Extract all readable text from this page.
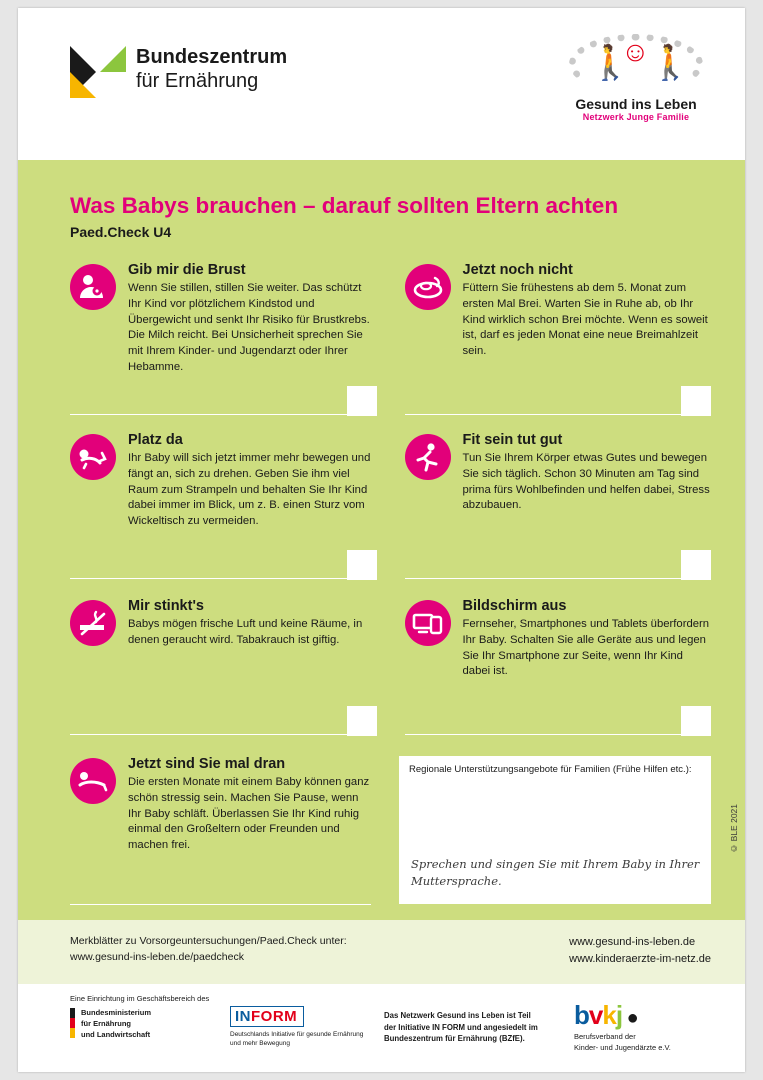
Bundeszentrum
für Ernährung	🚶
☺ 🚶
Gesund ins Leben
Netzwerk Junge Familie
Was Babys brauchen – darauf sollten Eltern achten
Paed.Check U4
Gib mir die Brust

Wenn Sie stillen, stillen Sie weiter. Das schützt Ihr Kind vor plötzlichem Kindstod und Übergewicht und senkt Ihr Risiko für Brustkrebs. Die Milch reicht. Bei Unsicherheit sprechen Sie mit Ihrem Kinder- und Jugendarzt oder Ihrer Hebamme.

Jetzt noch nicht

Füttern Sie frühestens ab dem 5. Monat zum ersten Mal Brei. Warten Sie in Ruhe ab, ob Ihr Kind wirklich schon Brei möchte. Wenn es soweit ist, darf es jeden Monat eine neue Breimahlzeit sein.

Platz da

Ihr Baby will sich jetzt immer mehr bewegen und fängt an, sich zu drehen. Geben Sie ihm viel Raum zum Strampeln und behalten Sie Ihr Kind dabei immer im Blick, um z. B. einen Sturz vom Wickeltisch zu vermeiden.

Fit sein tut gut

Tun Sie Ihrem Körper etwas Gutes und bewegen Sie sich täglich. Schon 30 Minuten am Tag sind prima fürs Wohlbefinden und helfen dabei, Stress abzubauen.

Mir stinkt's

Babys mögen frische Luft und keine Räume, in denen geraucht wird. Tabakrauch ist giftig.

Bildschirm aus

Fernseher, Smartphones und Tablets überfordern Ihr Baby. Schalten Sie alle Geräte aus und legen Sie Ihr Smartphone zur Seite, wenn Ihr Kind dabei ist.

Jetzt sind Sie mal dran

Die ersten Monate mit einem Baby können ganz schön stressig sein. Machen Sie Pause, wenn Ihr Baby schläft. Überlassen Sie Ihr Kind ruhig einmal den Großeltern oder Freunden und machen frei.

Regionale Unterstützungsangebote für Familien (Frühe Hilfen etc.):
Sprechen und singen Sie mit Ihrem Baby in Ihrer Muttersprache.
© BLE 2021
Merkblätter zu Vorsorgeuntersuchungen/Paed.Check unter:
www.gesund-ins-leben.de/paedcheck
www.gesund-ins-leben.de
www.kinderaerzte-im-netz.de
Eine Einrichtung im Geschäftsbereich des
Bundesministerium
für Ernährung
und Landwirtschaft
INFORM
Deutschlands Initiative für gesunde Ernährung
und mehr Bewegung
Das Netzwerk Gesund ins Leben ist Teil
der Initiative IN FORM und angesiedelt im
Bundeszentrum für Ernährung (BZfE).
bvkj ●
Berufsverband der
Kinder- und Jugendärzte e.V.
